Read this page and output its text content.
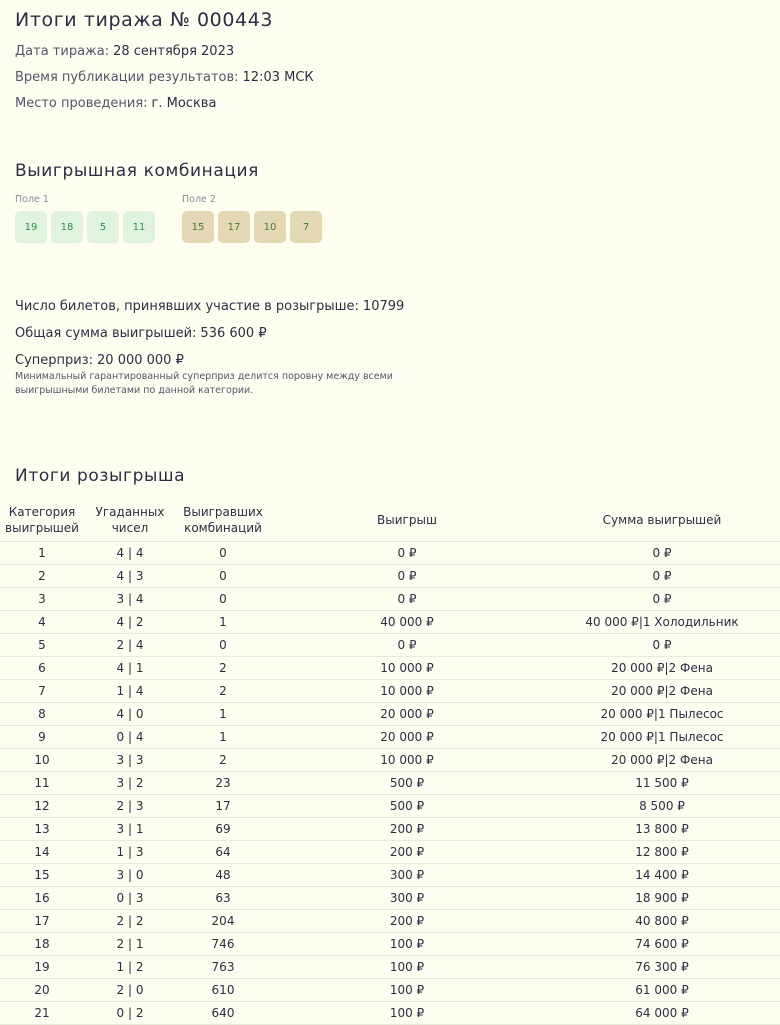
Итоги тиража № 000443
Дата тиража: 28 сентября 2023
Время публикации результатов: 12:03 МСК
Место проведения: г. Москва
Выигрышная комбинация
Поле 1
19	18	5	11
Поле 2
15	17	10	7
Число билетов, принявших участие в розыгрыше: 10799
Общая сумма выигрышей: 536 600 ₽
Суперприз: 20 000 000 ₽
Минимальный гарантированный суперприз делится поровну между всеми выигрышными билетами по данной категории.
Итоги розыгрыша
Категория выигрышей	Угаданных чисел	Выигравших комбинаций	Выигрыш	Сумма выигрышей
1	4 | 4	0	0 ₽	0 ₽
2	4 | 3	0	0 ₽	0 ₽
3	3 | 4	0	0 ₽	0 ₽
4	4 | 2	1	40 000 ₽	40 000 ₽|1 Холодильник
5	2 | 4	0	0 ₽	0 ₽
6	4 | 1	2	10 000 ₽	20 000 ₽|2 Фена
7	1 | 4	2	10 000 ₽	20 000 ₽|2 Фена
8	4 | 0	1	20 000 ₽	20 000 ₽|1 Пылесос
9	0 | 4	1	20 000 ₽	20 000 ₽|1 Пылесос
10	3 | 3	2	10 000 ₽	20 000 ₽|2 Фена
11	3 | 2	23	500 ₽	11 500 ₽
12	2 | 3	17	500 ₽	8 500 ₽
13	3 | 1	69	200 ₽	13 800 ₽
14	1 | 3	64	200 ₽	12 800 ₽
15	3 | 0	48	300 ₽	14 400 ₽
16	0 | 3	63	300 ₽	18 900 ₽
17	2 | 2	204	200 ₽	40 800 ₽
18	2 | 1	746	100 ₽	74 600 ₽
19	1 | 2	763	100 ₽	76 300 ₽
20	2 | 0	610	100 ₽	61 000 ₽
21	0 | 2	640	100 ₽	64 000 ₽
